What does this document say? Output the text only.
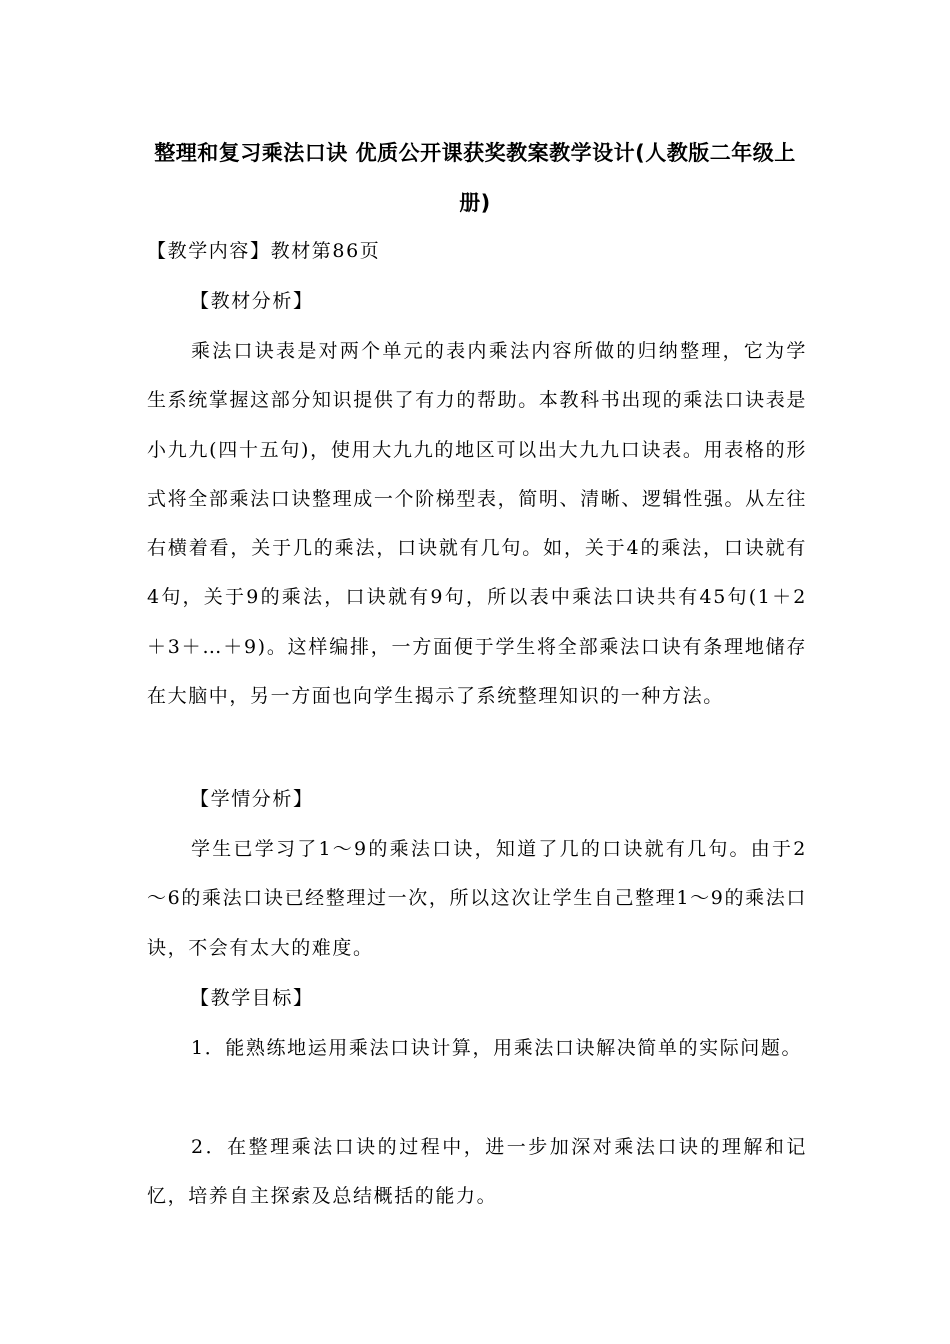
整理和复习乘法口诀 优质公开课获奖教案教学设计(人教版二年级上册)
【教学内容】教材第86页
【教材分析】
乘法口诀表是对两个单元的表内乘法内容所做的归纳整理，它为学生系统掌握这部分知识提供了有力的帮助。本教科书出现的乘法口诀表是小九九(四十五句)，使用大九九的地区可以出大九九口诀表。用表格的形式将全部乘法口诀整理成一个阶梯型表，简明、清晰、逻辑性强。从左往右横着看，关于几的乘法，口诀就有几句。如，关于4的乘法，口诀就有4句，关于9的乘法，口诀就有9句，所以表中乘法口诀共有45句(1＋2＋3＋…＋9)。这样编排，一方面便于学生将全部乘法口诀有条理地储存在大脑中，另一方面也向学生揭示了系统整理知识的一种方法。
【学情分析】
学生已学习了1～9的乘法口诀，知道了几的口诀就有几句。由于2～6的乘法口诀已经整理过一次，所以这次让学生自己整理1～9的乘法口诀，不会有太大的难度。
【教学目标】
1．能熟练地运用乘法口诀计算，用乘法口诀解决简单的实际问题。
2．在整理乘法口诀的过程中，进一步加深对乘法口诀的理解和记忆，培养自主探索及总结概括的能力。
